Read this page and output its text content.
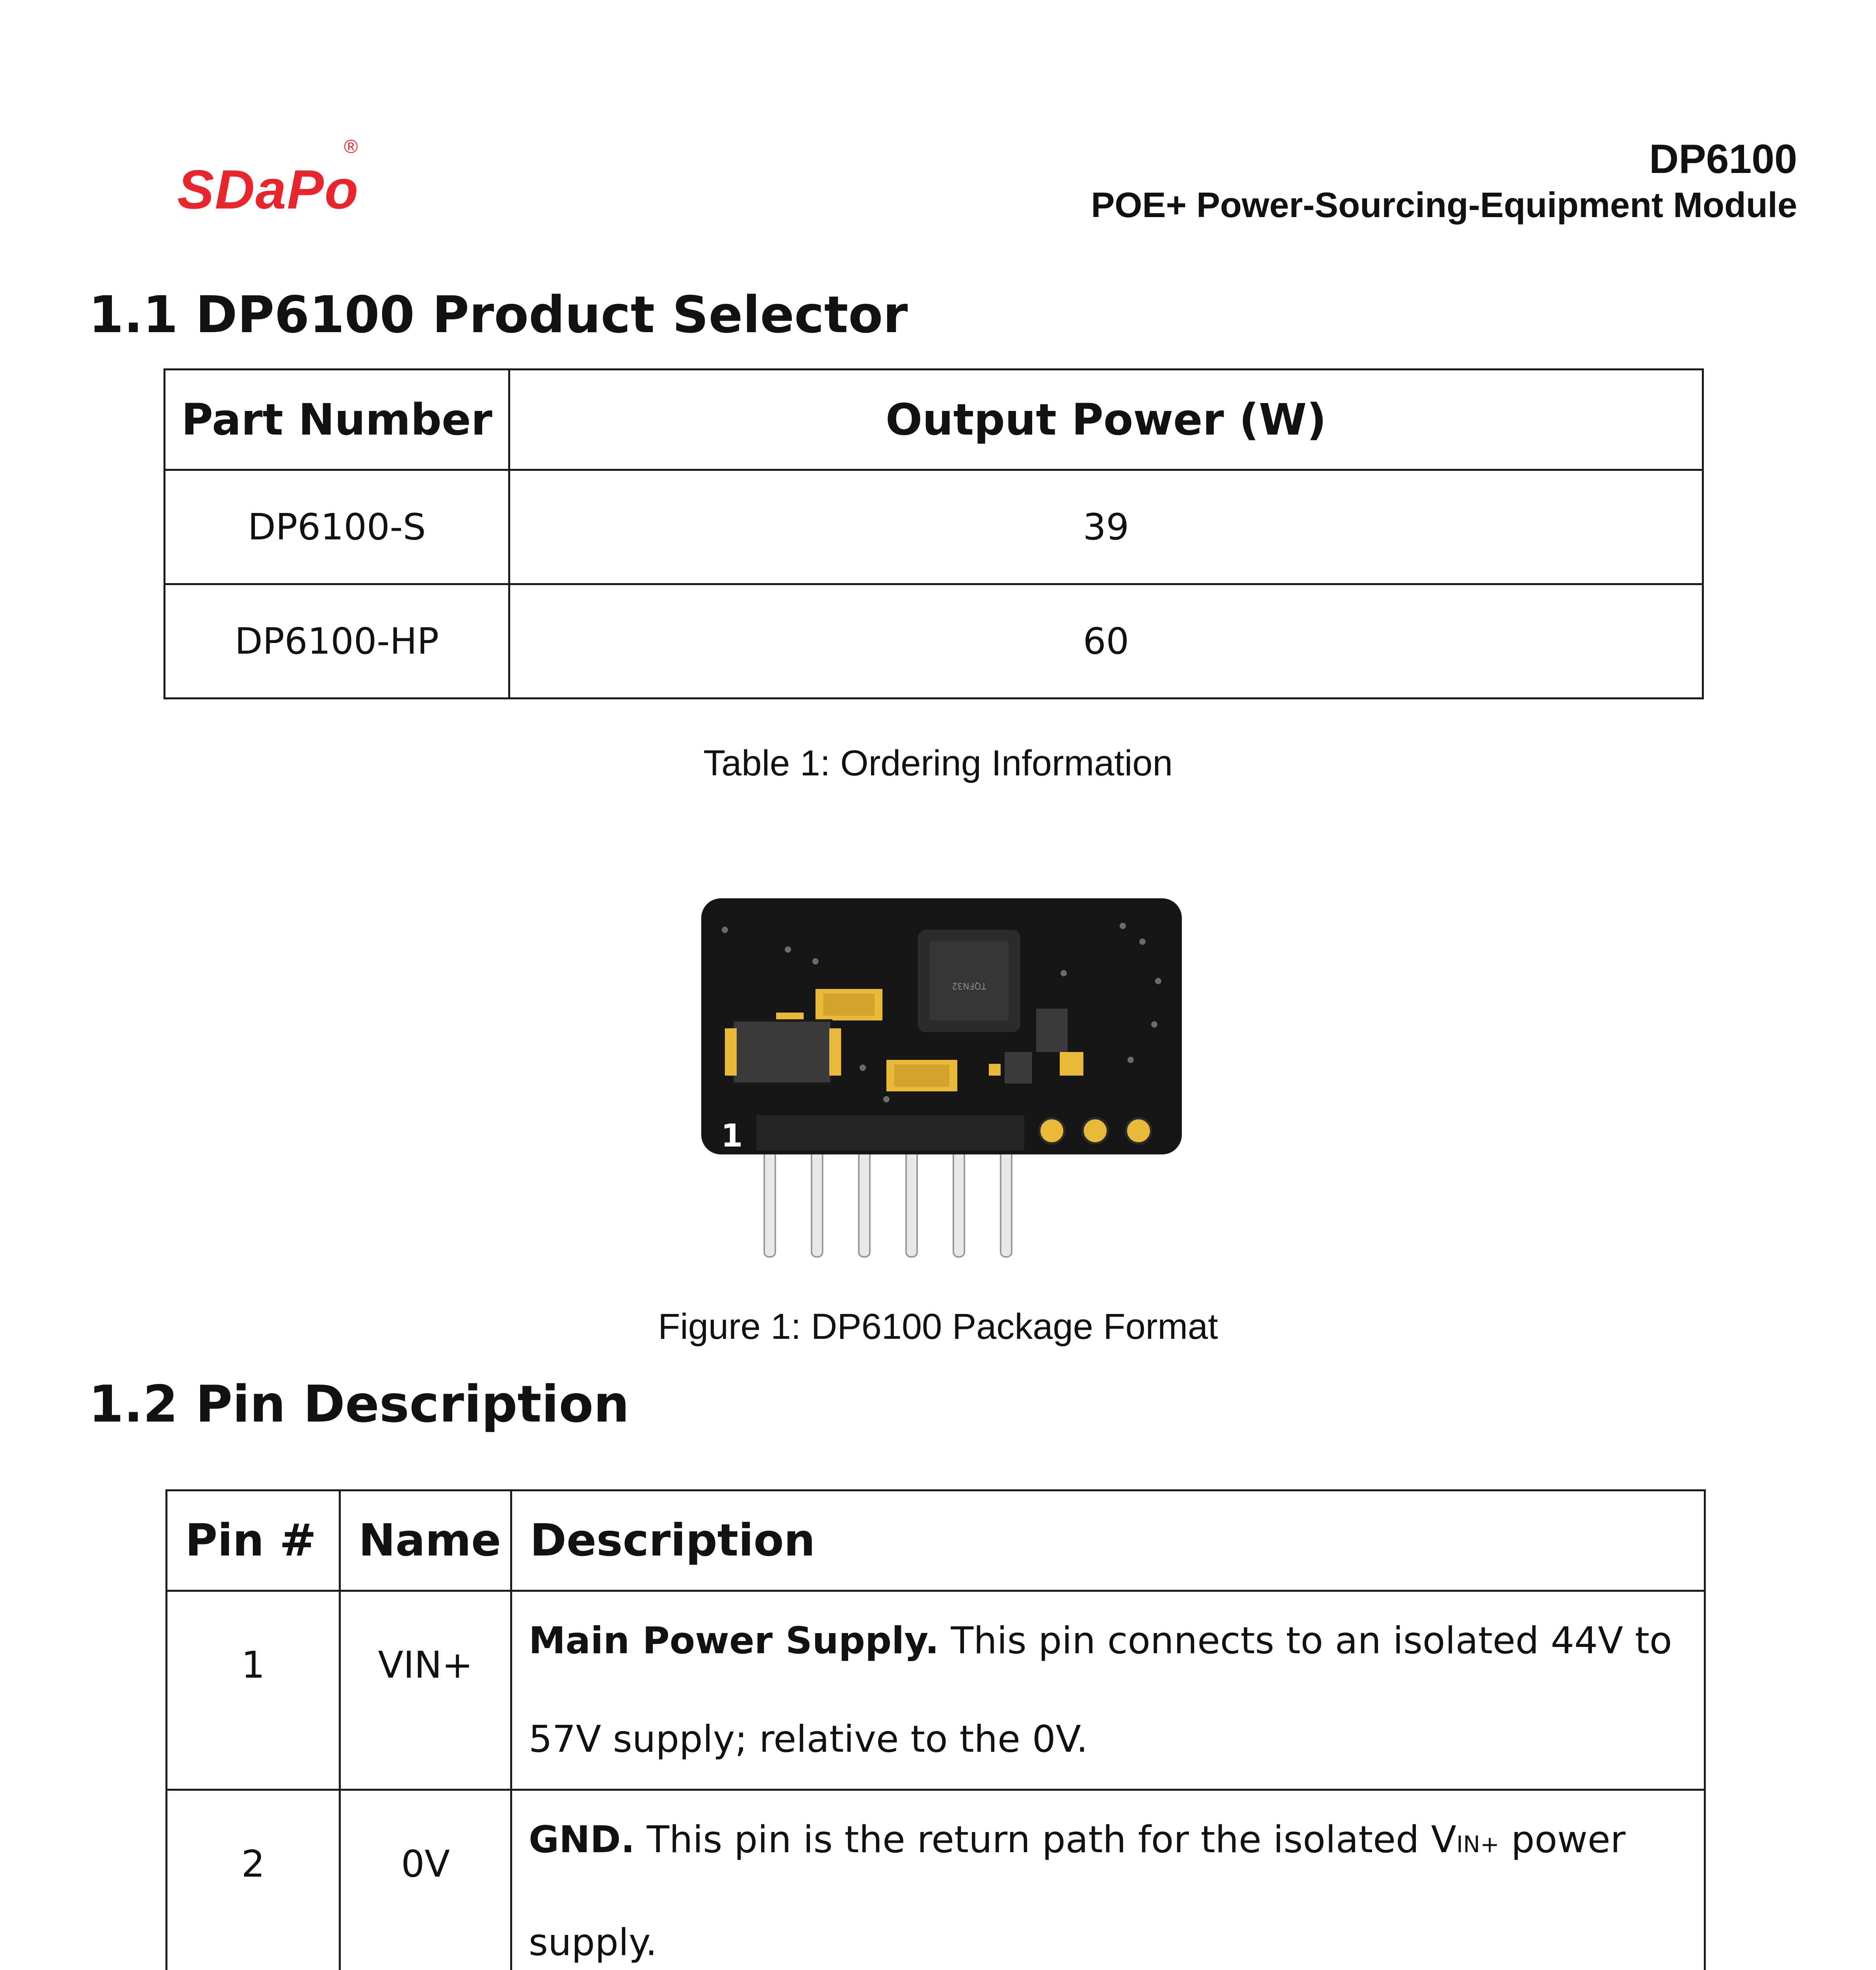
SDaPo
®	DP6100
POE+ Power-Sourcing-Equipment Module
1.1 DP6100 Product Selector
Part Number	Output Power (W)
DP6100-S	39
DP6100-HP	60
Table 1: Ordering Information
TQFN32
1
Figure 1: DP6100 Package Format
1.2 Pin Description
Pin #	Name	Description
1	VIN+	Main Power Supply. This pin connects to an isolated 44V to 57V supply; relative to the 0V.
2	0V	GND. This pin is the return path for the isolated VIN+ power supply.
